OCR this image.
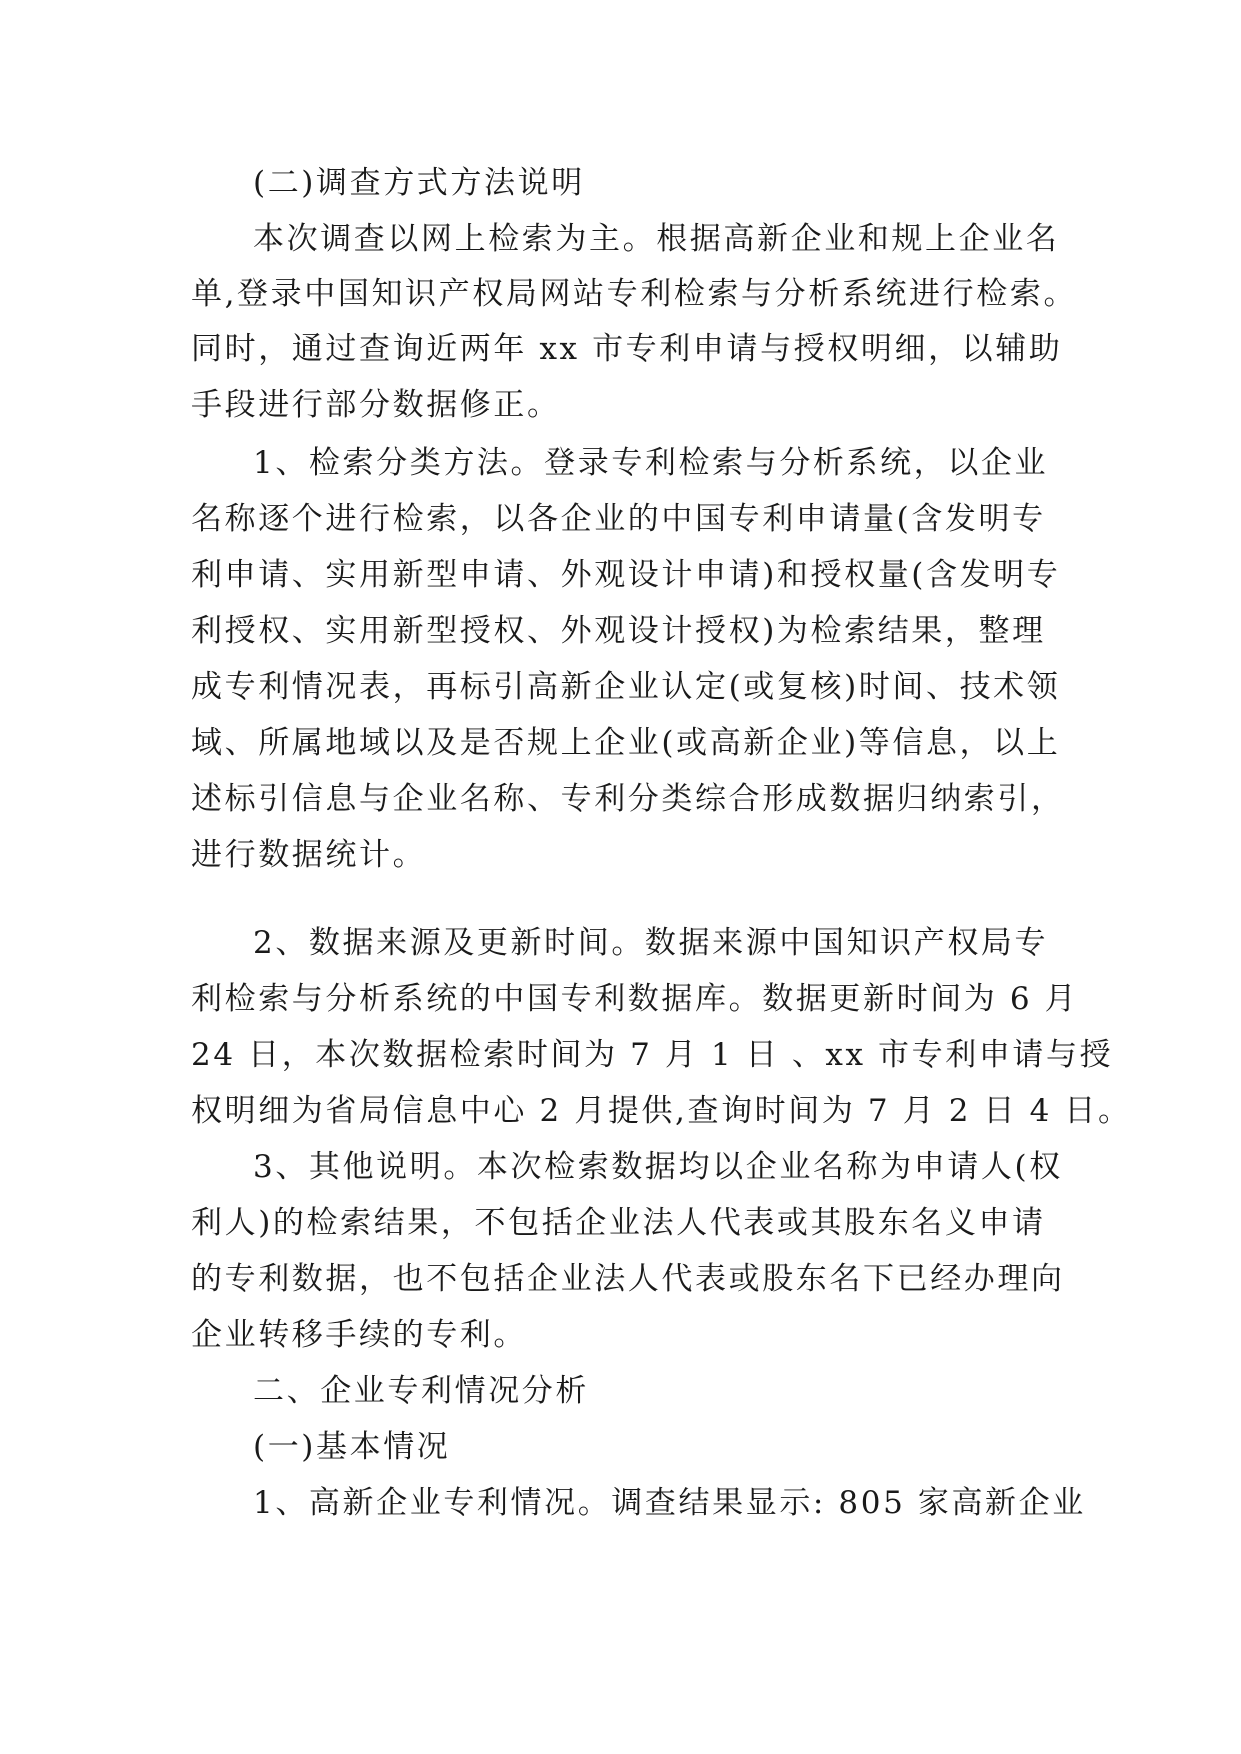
(二)调查方式方法说明
本次调查以网上检索为主。根据高新企业和规上企业名
单,登录中国知识产权局网站专利检索与分析系统进行检索。
同时，通过查询近两年 xx 市专利申请与授权明细，以辅助
手段进行部分数据修正。
1、检索分类方法。登录专利检索与分析系统，以企业
名称逐个进行检索，以各企业的中国专利申请量(含发明专
利申请、实用新型申请、外观设计申请)和授权量(含发明专
利授权、实用新型授权、外观设计授权)为检索结果，整理
成专利情况表，再标引高新企业认定(或复核)时间、技术领
域、所属地域以及是否规上企业(或高新企业)等信息，以上
述标引信息与企业名称、专利分类综合形成数据归纳索引，
进行数据统计。
2、数据来源及更新时间。数据来源中国知识产权局专
利检索与分析系统的中国专利数据库。数据更新时间为 6 月
24 日，本次数据检索时间为 7 月 1 日 、xx 市专利申请与授
权明细为省局信息中心 2 月提供,查询时间为 7 月 2 日 4 日。
3、其他说明。本次检索数据均以企业名称为申请人(权
利人)的检索结果，不包括企业法人代表或其股东名义申请
的专利数据，也不包括企业法人代表或股东名下已经办理向
企业转移手续的专利。
二、企业专利情况分析
(一)基本情况
1、高新企业专利情况。调查结果显示: 805 家高新企业
